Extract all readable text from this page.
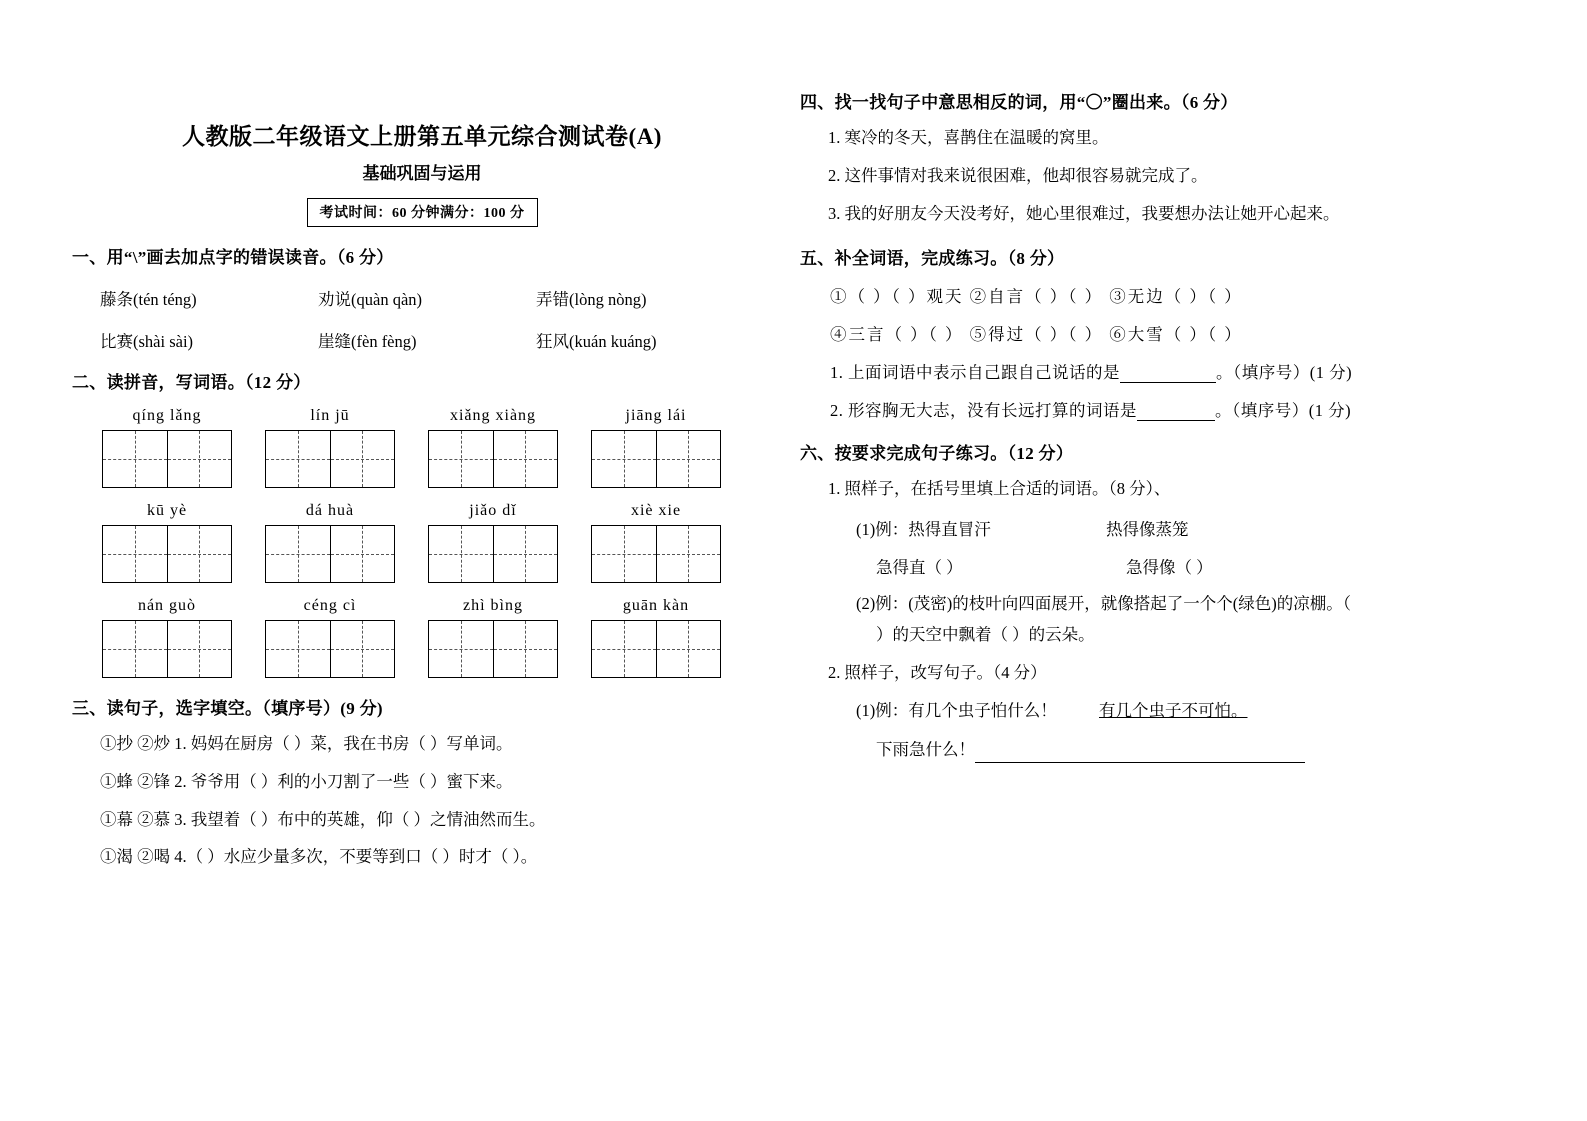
人教版二年级语文上册第五单元综合测试卷(A)
基础巩固与运用
考试时间：60 分钟满分：100 分
一、用“\”画去加点字的错误读音。（6 分）
藤条(tén téng)	劝说(quàn qàn)	弄错(lòng nòng)
比赛(shài sài)	崖缝(fèn fèng)	狂风(kuán kuáng)
二、读拼音，写词语。（12 分）
qíng lǎng	lín jū	xiǎng xiàng	jiāng lái
kū yè	dá huà	jiǎo dǐ	xiè xie
nán guò	céng cì	zhì bìng	guān kàn
三、读句子，选字填空。（填序号）(9 分)
①抄 ②炒 1. 妈妈在厨房（ ）菜，我在书房（ ）写单词。
①蜂 ②锋 2. 爷爷用（ ）利的小刀割了一些（ ）蜜下来。
①幕 ②慕 3. 我望着（ ）布中的英雄，仰（ ）之情油然而生。
①渴 ②喝 4.（ ）水应少量多次，不要等到口（ ）时才（ ）。
四、找一找句子中意思相反的词，用“〇”圈出来。（6 分）
1. 寒冷的冬天，喜鹊住在温暖的窝里。
2. 这件事情对我来说很困难，他却很容易就完成了。
3. 我的好朋友今天没考好，她心里很难过，我要想办法让她开心起来。
五、补全词语，完成练习。（8 分）
①（ ）（ ）观天 ②自言（ ）（ ） ③无边（ ）（ ）
④三言（ ）（ ） ⑤得过（ ）（ ） ⑥大雪（ ）（ ）
1. 上面词语中表示自己跟自己说话的是	。（填序号）(1 分)
2. 形容胸无大志，没有长远打算的词语是	。（填序号）(1 分)
六、按要求完成句子练习。（12 分）
1. 照样子，在括号里填上合适的词语。（8 分）、
(1)例：热得直冒汗	热得像蒸笼
急得直（ ）	急得像（ ）
(2)例：(茂密)的枝叶向四面展开，就像搭起了一个个(绿色)的凉棚。（
）的天空中飘着（ ）的云朵。
2. 照样子，改写句子。（4 分）
(1)例：有几个虫子怕什么！	有几个虫子不可怕。
下雨急什么！
